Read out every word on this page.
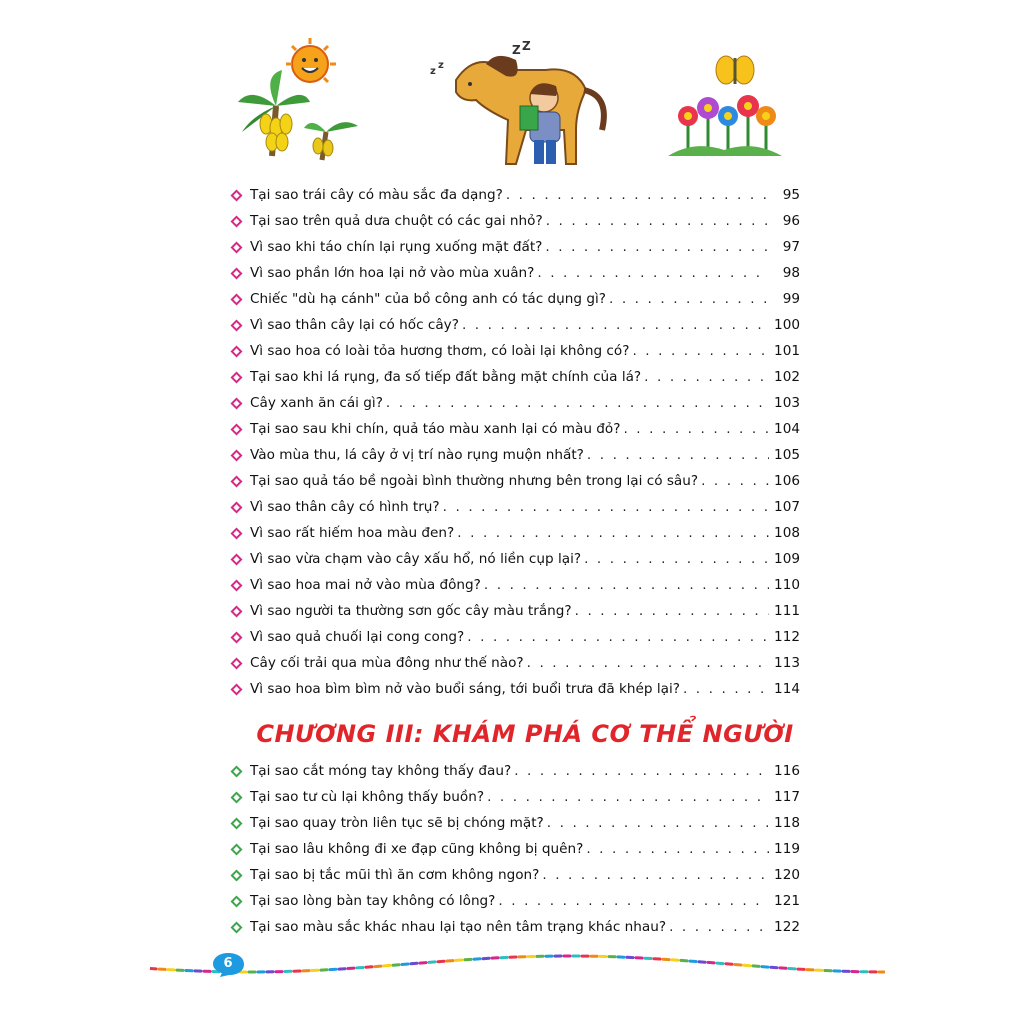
z
z
Z Z
Tại sao trái cây có màu sắc đa dạng? . . .	95
Tại sao trên quả dưa chuột có các gai nhỏ? . . .	96
Vì sao khi táo chín lại rụng xuống mặt đất? . . .	97
Vì sao phần lớn hoa lại nở vào mùa xuân? . . .	98
Chiếc "dù hạ cánh" của bồ công anh có tác dụng gì? . . .	99
Vì sao thân cây lại có hốc cây? . . .	100
Vì sao hoa có loài tỏa hương thơm, có loài lại không có? . . .	101
Tại sao khi lá rụng, đa số tiếp đất bằng mặt chính của lá? . . .	102
Cây xanh ăn cái gì? . . .	103
Tại sao sau khi chín, quả táo màu xanh lại có màu đỏ? . . .	104
Vào mùa thu, lá cây ở vị trí nào rụng muộn nhất? . . .	105
Tại sao quả táo bề ngoài bình thường nhưng bên trong lại có sâu? . . .	106
Vì sao thân cây có hình trụ? . . .	107
Vì sao rất hiếm hoa màu đen? . . .	108
Vì sao vừa chạm vào cây xấu hổ, nó liền cụp lại? . . .	109
Vì sao hoa mai nở vào mùa đông? . . .	110
Vì sao người ta thường sơn gốc cây màu trắng? . . .	111
Vì sao quả chuối lại cong cong? . . .	112
Cây cối trải qua mùa đông như thế nào? . . .	113
Vì sao hoa bìm bìm nở vào buổi sáng, tới buổi trưa đã khép lại? . . .	114
CHƯƠNG III: KHÁM PHÁ CƠ THỂ NGƯỜI
Tại sao cắt móng tay không thấy đau? . . .	116
Tại sao tư cù lại không thấy buồn? . . .	117
Tại sao quay tròn liên tục sẽ bị chóng mặt? . . .	118
Tại sao lâu không đi xe đạp cũng không bị quên? . . .	119
Tại sao bị tắc mũi thì ăn cơm không ngon? . . .	120
Tại sao lòng bàn tay không có lông? . . .	121
Tại sao màu sắc khác nhau lại tạo nên tâm trạng khác nhau? . . .	122
6
